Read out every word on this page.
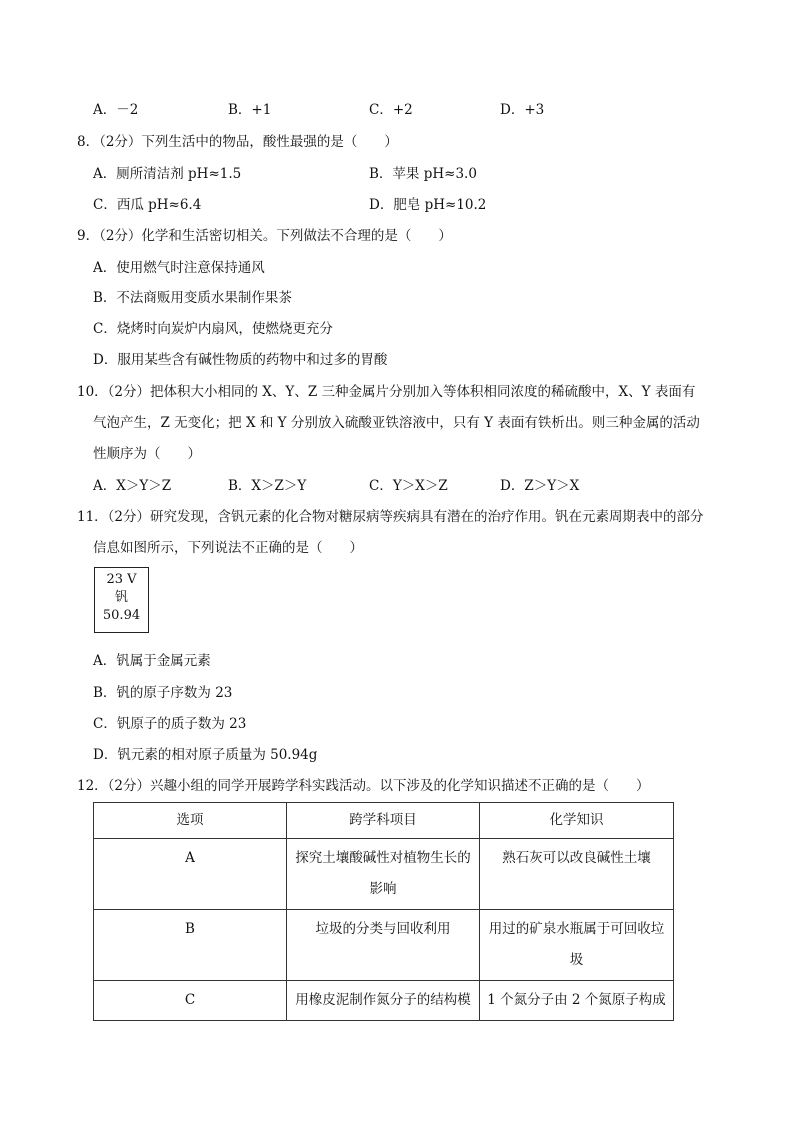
A．－2	B．+1	C．+2	D．+3
8．（2分）下列生活中的物品，酸性最强的是（　　）
A．厕所清洁剂 pH≈1.5	B．苹果 pH≈3.0
C．西瓜 pH≈6.4	D．肥皂 pH≈10.2
9．（2分）化学和生活密切相关。下列做法不合理的是（　　）
A．使用燃气时注意保持通风
B．不法商贩用变质水果制作果茶
C．烧烤时向炭炉内扇风，使燃烧更充分
D．服用某些含有碱性物质的药物中和过多的胃酸
10．（2分）把体积大小相同的 X、Y、Z 三种金属片分别加入等体积相同浓度的稀硫酸中，X、Y 表面有
气泡产生，Z 无变化；把 X 和 Y 分别放入硫酸亚铁溶液中，只有 Y 表面有铁析出。则三种金属的活动
性顺序为（　　）
A．X＞Y＞Z	B．X＞Z＞Y	C．Y＞X＞Z	D．Z＞Y＞X
11．（2分）研究发现，含钒元素的化合物对糖尿病等疾病具有潜在的治疗作用。钒在元素周期表中的部分
信息如图所示，下列说法不正确的是（　　）
23 V
钒
50.94
A．钒属于金属元素
B．钒的原子序数为 23
C．钒原子的质子数为 23
D．钒元素的相对原子质量为 50.94g
12．（2分）兴趣小组的同学开展跨学科实践活动。以下涉及的化学知识描述不正确的是（　　）
选项	跨学科项目	化学知识
A	探究土壤酸碱性对植物生长的影响	熟石灰可以改良碱性土壤
B	垃圾的分类与回收利用	用过的矿泉水瓶属于可回收垃圾
C	用橡皮泥制作氮分子的结构模	1 个氮分子由 2 个氮原子构成
